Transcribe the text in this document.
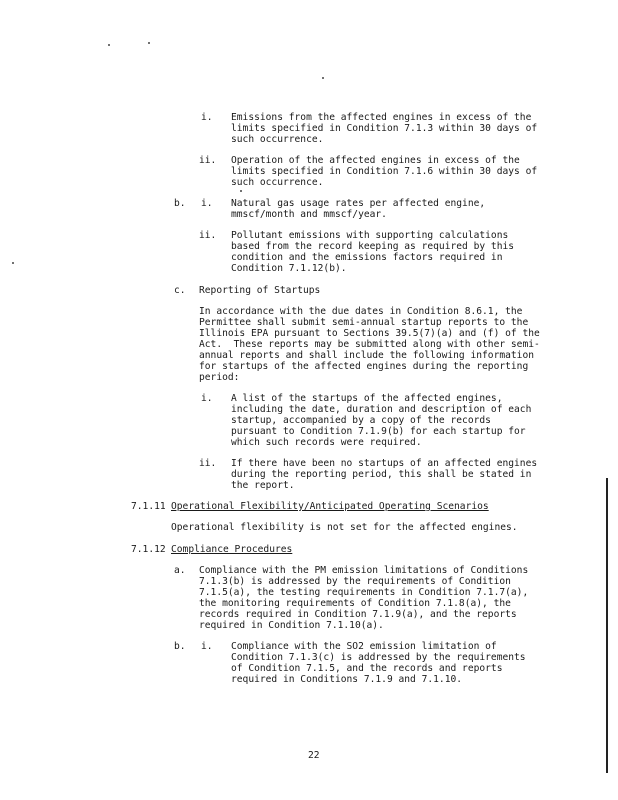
i. Emissions from the affected engines in excess of the
limits specified in Condition 7.1.3 within 30 days of
such occurrence.
ii. Operation of the affected engines in excess of the
limits specified in Condition 7.1.6 within 30 days of
such occurrence.
b. i. Natural gas usage rates per affected engine,
mmscf/month and mmscf/year.
ii. Pollutant emissions with supporting calculations
based from the record keeping as required by this
condition and the emissions factors required in
Condition 7.1.12(b).
c. Reporting of Startups
In accordance with the due dates in Condition 8.6.1, the
Permittee shall submit semi-annual startup reports to the
Illinois EPA pursuant to Sections 39.5(7)(a) and (f) of the
Act.  These reports may be submitted along with other semi-
annual reports and shall include the following information
for startups of the affected engines during the reporting
period:
i. A list of the startups of the affected engines,
including the date, duration and description of each
startup, accompanied by a copy of the records
pursuant to Condition 7.1.9(b) for each startup for
which such records were required.
ii. If there have been no startups of an affected engines
during the reporting period, this shall be stated in
the report.
7.1.11 Operational Flexibility/Anticipated Operating Scenarios
Operational flexibility is not set for the affected engines.
7.1.12 Compliance Procedures
a. Compliance with the PM emission limitations of Conditions
7.1.3(b) is addressed by the requirements of Condition
7.1.5(a), the testing requirements in Condition 7.1.7(a),
the monitoring requirements of Condition 7.1.8(a), the
records required in Condition 7.1.9(a), and the reports
required in Condition 7.1.10(a).
b. i. Compliance with the SO2 emission limitation of
Condition 7.1.3(c) is addressed by the requirements
of Condition 7.1.5, and the records and reports
required in Conditions 7.1.9 and 7.1.10.
22
